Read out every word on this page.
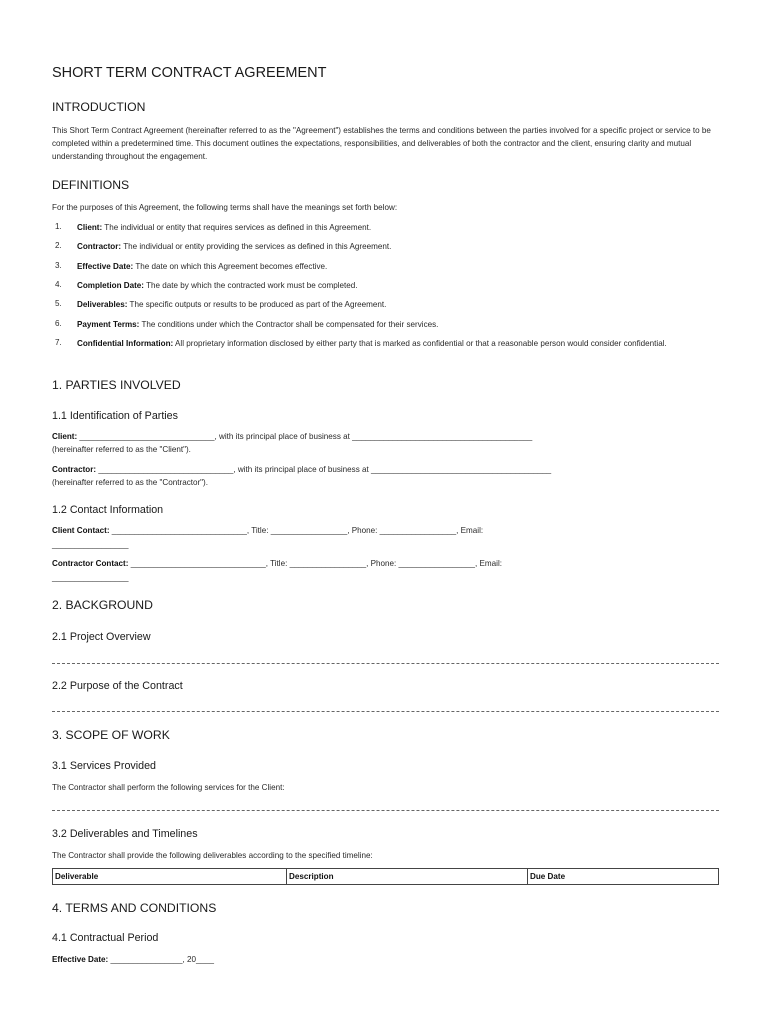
SHORT TERM CONTRACT AGREEMENT
INTRODUCTION
This Short Term Contract Agreement (hereinafter referred to as the "Agreement") establishes the terms and conditions between the parties involved for a specific project or service to be completed within a predetermined time. This document outlines the expectations, responsibilities, and deliverables of both the contractor and the client, ensuring clarity and mutual understanding throughout the engagement.
DEFINITIONS
For the purposes of this Agreement, the following terms shall have the meanings set forth below:
1. Client: The individual or entity that requires services as defined in this Agreement.
2. Contractor: The individual or entity providing the services as defined in this Agreement.
3. Effective Date: The date on which this Agreement becomes effective.
4. Completion Date: The date by which the contracted work must be completed.
5. Deliverables: The specific outputs or results to be produced as part of the Agreement.
6. Payment Terms: The conditions under which the Contractor shall be compensated for their services.
7. Confidential Information: All proprietary information disclosed by either party that is marked as confidential or that a reasonable person would consider confidential.
1. PARTIES INVOLVED
1.1 Identification of Parties
Client: ______________________________, with its principal place of business at ________________________________________
(hereinafter referred to as the "Client").
Contractor: ______________________________, with its principal place of business at ________________________________________
(hereinafter referred to as the "Contractor").
1.2 Contact Information
Client Contact: ______________________________, Title: _________________, Phone: _________________, Email:
_________________
Contractor Contact: ______________________________, Title: _________________, Phone: _________________, Email:
_________________
2. BACKGROUND
2.1 Project Overview
2.2 Purpose of the Contract
3. SCOPE OF WORK
3.1 Services Provided
The Contractor shall perform the following services for the Client:
3.2 Deliverables and Timelines
The Contractor shall provide the following deliverables according to the specified timeline:
Deliverable	Description	Due Date
4. TERMS AND CONDITIONS
4.1 Contractual Period
Effective Date: ________________, 20____
